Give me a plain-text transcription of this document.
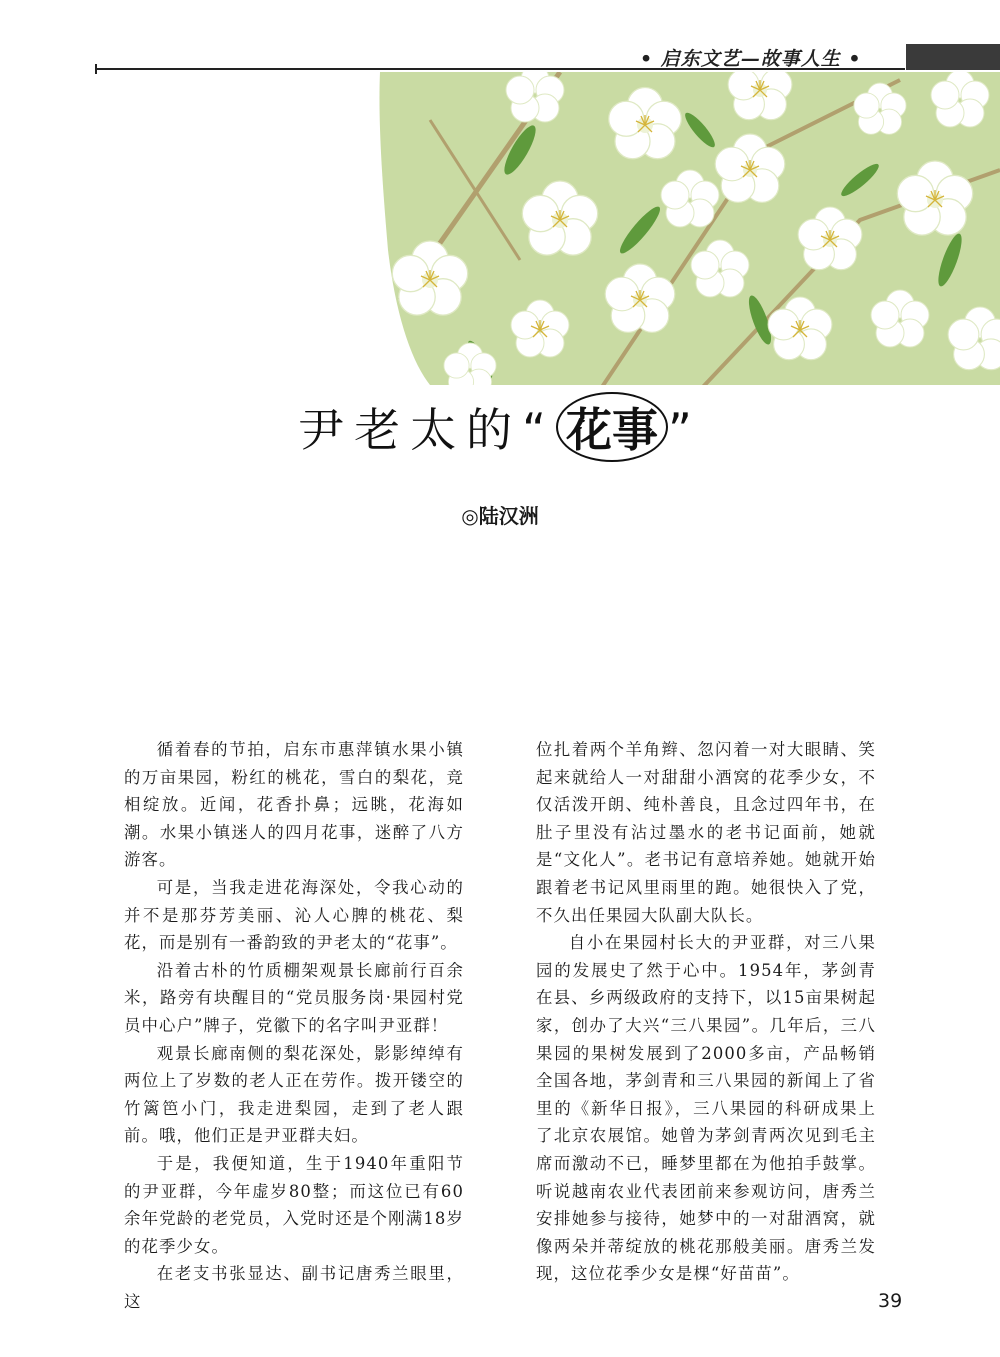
• 启东文艺—故事人生 •
尹老太的“ 花事 ”
◎陆汉洲

循着春的节拍，启东市惠萍镇水果小镇的万亩果园，粉红的桃花，雪白的梨花，竞相绽放。近闻，花香扑鼻；远眺，花海如潮。水果小镇迷人的四月花事，迷醉了八方游客。

可是，当我走进花海深处，令我心动的并不是那芬芳美丽、沁人心脾的桃花、梨花，而是别有一番韵致的尹老太的“花事”。

沿着古朴的竹质棚架观景长廊前行百余米，路旁有块醒目的“党员服务岗·果园村党员中心户”牌子，党徽下的名字叫尹亚群！

观景长廊南侧的梨花深处，影影绰绰有两位上了岁数的老人正在劳作。拨开镂空的竹篱笆小门，我走进梨园，走到了老人跟前。哦，他们正是尹亚群夫妇。

于是，我便知道，生于1940年重阳节的尹亚群，今年虚岁80整；而这位已有60余年党龄的老党员，入党时还是个刚满18岁的花季少女。

在老支书张显达、副书记唐秀兰眼里，这

位扎着两个羊角辫、忽闪着一对大眼睛、笑起来就给人一对甜甜小酒窝的花季少女，不仅活泼开朗、纯朴善良，且念过四年书，在肚子里没有沾过墨水的老书记面前，她就是“文化人”。老书记有意培养她。她就开始跟着老书记风里雨里的跑。她很快入了党，不久出任果园大队副大队长。

自小在果园村长大的尹亚群，对三八果园的发展史了然于心中。1954年，茅剑青在县、乡两级政府的支持下，以15亩果树起家，创办了大兴“三八果园”。几年后，三八果园的果树发展到了2000多亩，产品畅销全国各地，茅剑青和三八果园的新闻上了省里的《新华日报》，三八果园的科研成果上了北京农展馆。她曾为茅剑青两次见到毛主席而激动不已，睡梦里都在为他拍手鼓掌。听说越南农业代表团前来参观访问，唐秀兰安排她参与接待，她梦中的一对甜酒窝，就像两朵并蒂绽放的桃花那般美丽。唐秀兰发现，这位花季少女是棵“好苗苗”。

39
